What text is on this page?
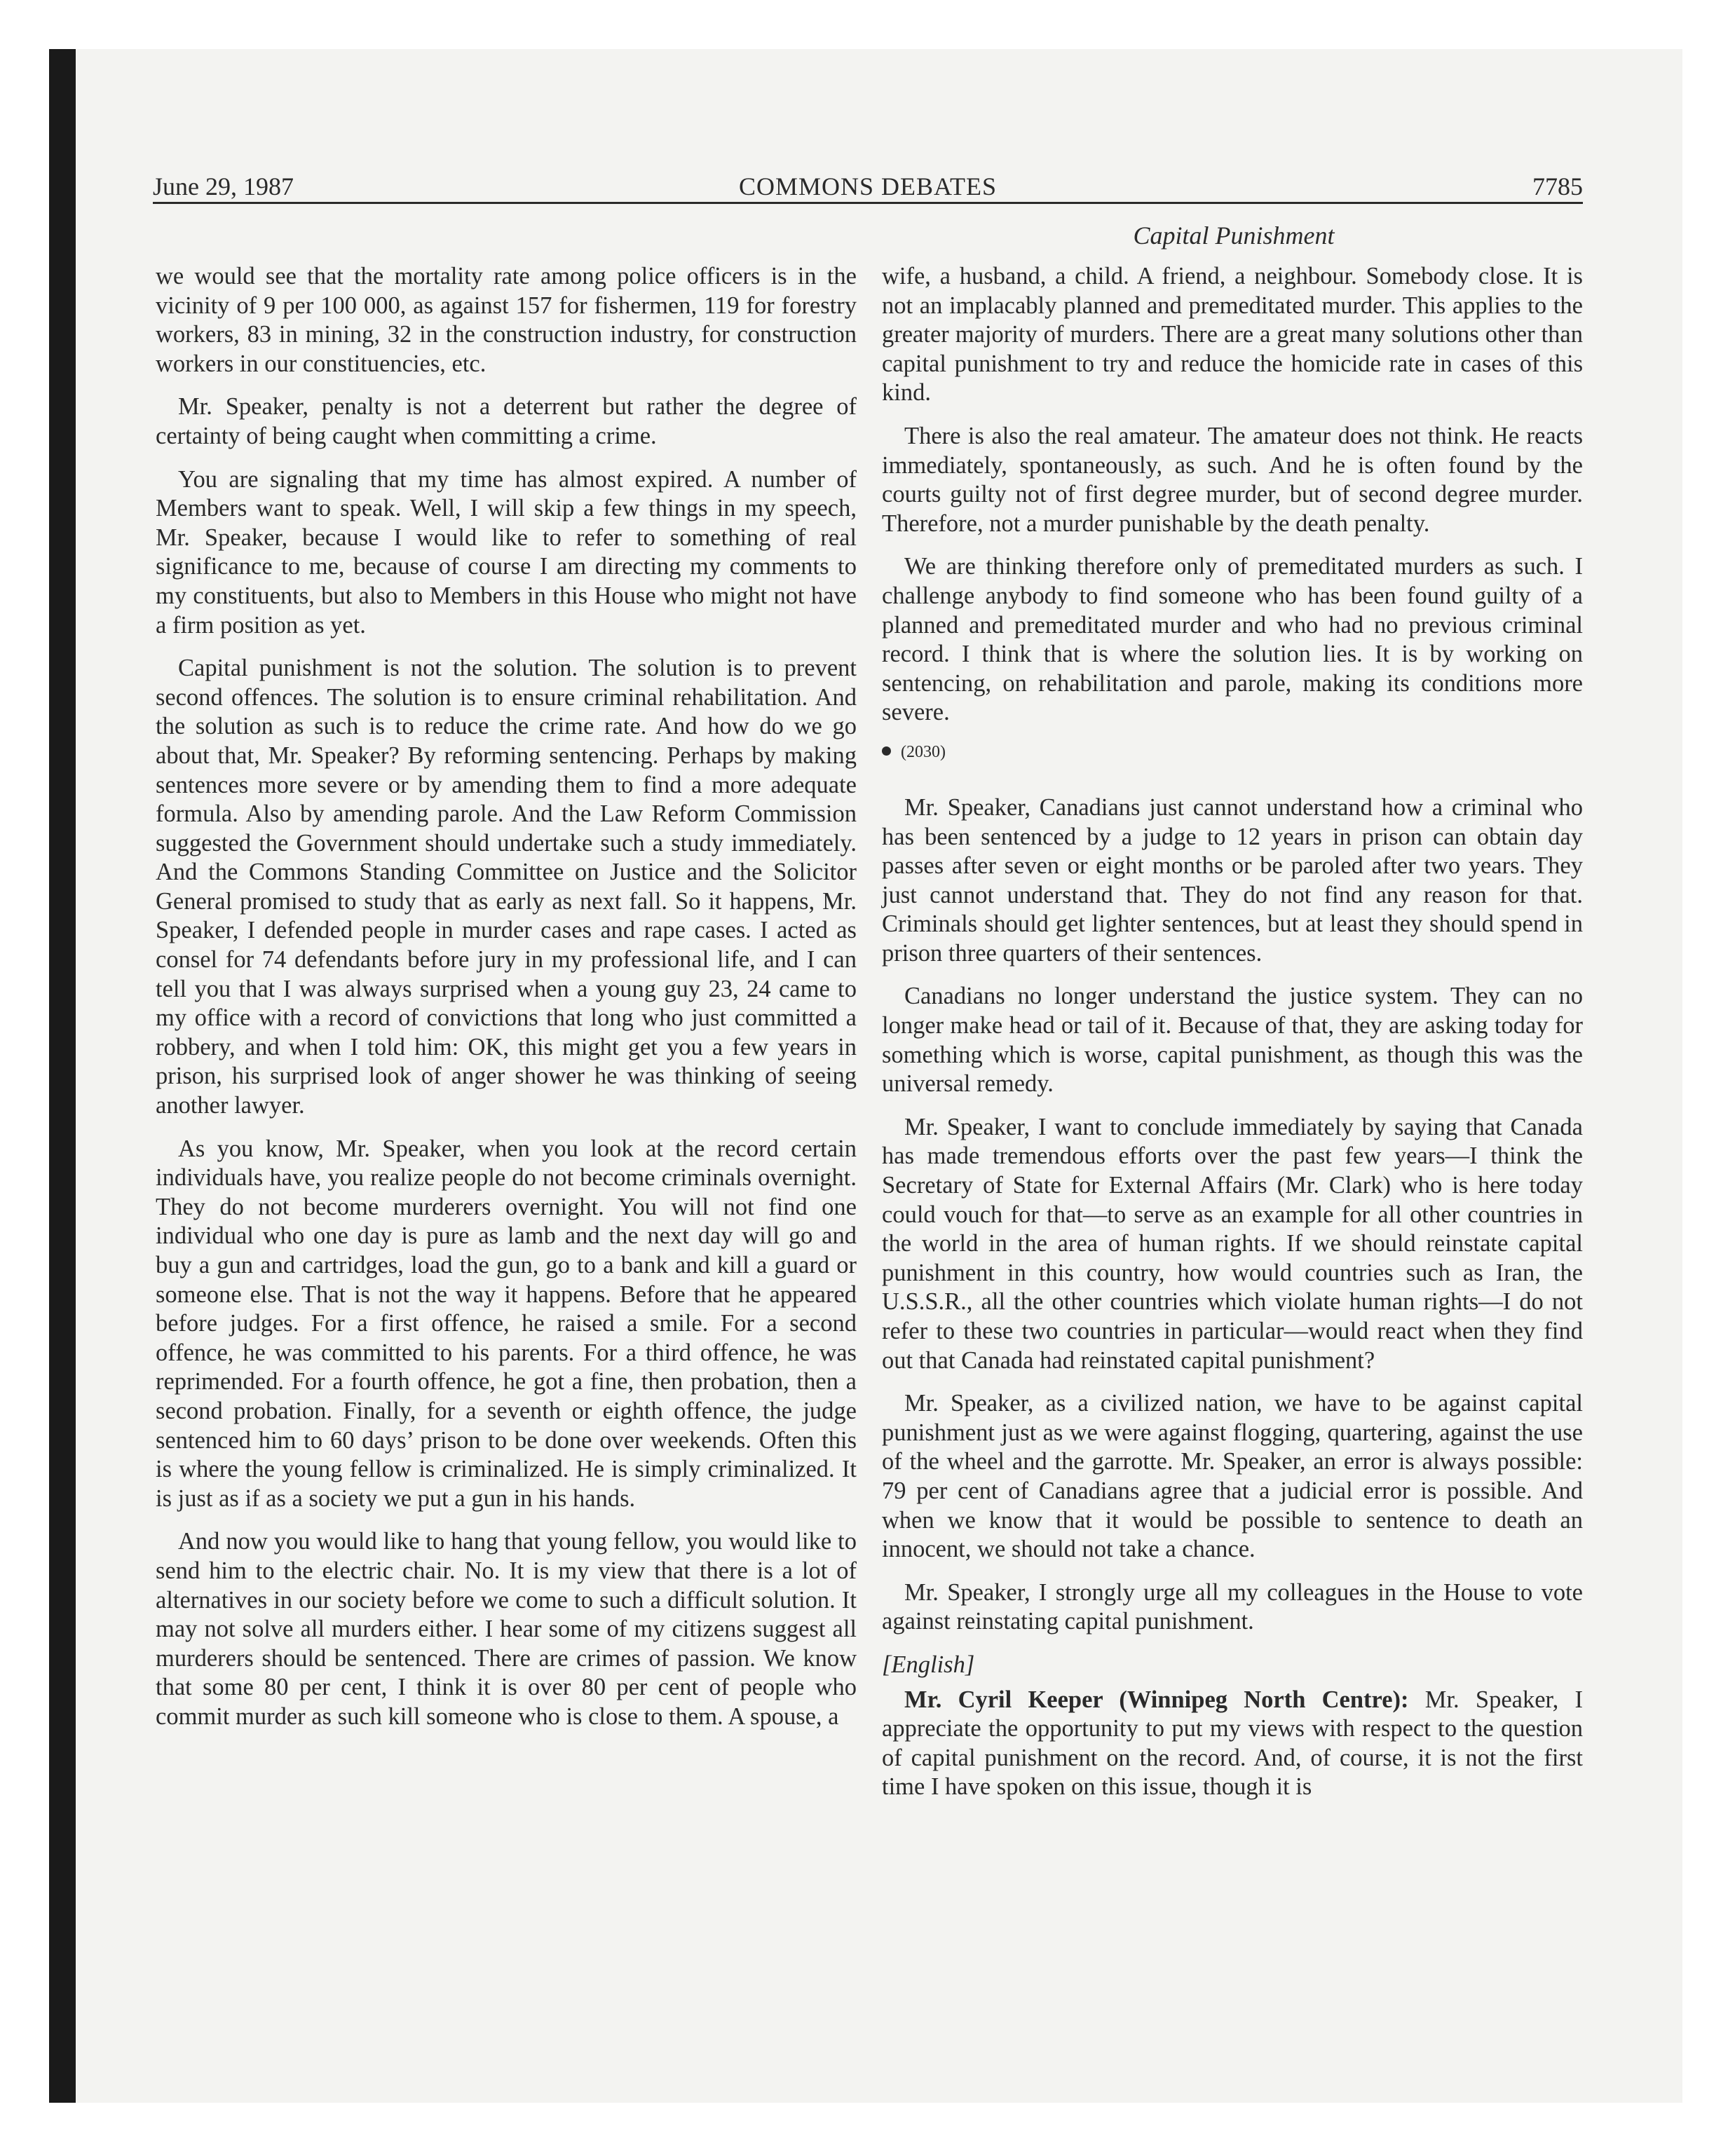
June 29, 1987	COMMONS DEBATES	7785
Capital Punishment

we would see that the mortality rate among police officers is in the vicinity of 9 per 100 000, as against 157 for fishermen, 119 for forestry workers, 83 in mining, 32 in the construction industry, for construction workers in our constituencies, etc.

Mr. Speaker, penalty is not a deterrent but rather the degree of certainty of being caught when committing a crime.

You are signaling that my time has almost expired. A number of Members want to speak. Well, I will skip a few things in my speech, Mr. Speaker, because I would like to refer to something of real significance to me, because of course I am directing my comments to my constituents, but also to Members in this House who might not have a firm position as yet.

Capital punishment is not the solution. The solution is to prevent second offences. The solution is to ensure criminal rehabilitation. And the solution as such is to reduce the crime rate. And how do we go about that, Mr. Speaker? By reforming sentencing. Perhaps by making sentences more severe or by amending them to find a more adequate formula. Also by amending parole. And the Law Reform Commission suggested the Government should undertake such a study immediately. And the Commons Standing Committee on Justice and the Solicitor General promised to study that as early as next fall. So it happens, Mr. Speaker, I defended people in murder cases and rape cases. I acted as consel for 74 defendants before jury in my professional life, and I can tell you that I was always surprised when a young guy 23, 24 came to my office with a record of convictions that long who just committed a robbery, and when I told him: OK, this might get you a few years in prison, his surprised look of anger shower he was thinking of seeing another lawyer.

As you know, Mr. Speaker, when you look at the record certain individuals have, you realize people do not become criminals overnight. They do not become murderers overnight. You will not find one individual who one day is pure as lamb and the next day will go and buy a gun and cartridges, load the gun, go to a bank and kill a guard or someone else. That is not the way it happens. Before that he appeared before judges. For a first offence, he raised a smile. For a second offence, he was committed to his parents. For a third offence, he was reprimended. For a fourth offence, he got a fine, then probation, then a second probation. Finally, for a seventh or eighth offence, the judge sentenced him to 60 days’ prison to be done over weekends. Often this is where the young fellow is criminalized. He is simply criminalized. It is just as if as a society we put a gun in his hands.

And now you would like to hang that young fellow, you would like to send him to the electric chair. No. It is my view that there is a lot of alternatives in our society before we come to such a difficult solution. It may not solve all murders either. I hear some of my citizens suggest all murderers should be sentenced. There are crimes of passion. We know that some 80 per cent, I think it is over 80 per cent of people who commit murder as such kill someone who is close to them. A spouse, a

wife, a husband, a child. A friend, a neighbour. Somebody close. It is not an implacably planned and premeditated murder. This applies to the greater majority of murders. There are a great many solutions other than capital punishment to try and reduce the homicide rate in cases of this kind.

There is also the real amateur. The amateur does not think. He reacts immediately, spontaneously, as such. And he is often found by the courts guilty not of first degree murder, but of second degree murder. Therefore, not a murder punishable by the death penalty.

We are thinking therefore only of premeditated murders as such. I challenge anybody to find someone who has been found guilty of a planned and premeditated murder and who had no previous criminal record. I think that is where the solution lies. It is by working on sentencing, on rehabilitation and parole, making its conditions more severe.

(2030)

Mr. Speaker, Canadians just cannot understand how a criminal who has been sentenced by a judge to 12 years in prison can obtain day passes after seven or eight months or be paroled after two years. They just cannot understand that. They do not find any reason for that. Criminals should get lighter sentences, but at least they should spend in prison three quarters of their sentences.

Canadians no longer understand the justice system. They can no longer make head or tail of it. Because of that, they are asking today for something which is worse, capital punishment, as though this was the universal remedy.

Mr. Speaker, I want to conclude immediately by saying that Canada has made tremendous efforts over the past few years—I think the Secretary of State for External Affairs (Mr. Clark) who is here today could vouch for that—to serve as an example for all other countries in the world in the area of human rights. If we should reinstate capital punishment in this country, how would countries such as Iran, the U.S.S.R., all the other countries which violate human rights—I do not refer to these two countries in particular—would react when they find out that Canada had reinstated capital punishment?

Mr. Speaker, as a civilized nation, we have to be against capital punishment just as we were against flogging, quartering, against the use of the wheel and the garrotte. Mr. Speaker, an error is always possible: 79 per cent of Canadians agree that a judicial error is possible. And when we know that it would be possible to sentence to death an innocent, we should not take a chance.

Mr. Speaker, I strongly urge all my colleagues in the House to vote against reinstating capital punishment.

[English]

Mr. Cyril Keeper (Winnipeg North Centre): Mr. Speaker, I appreciate the opportunity to put my views with respect to the question of capital punishment on the record. And, of course, it is not the first time I have spoken on this issue, though it is
